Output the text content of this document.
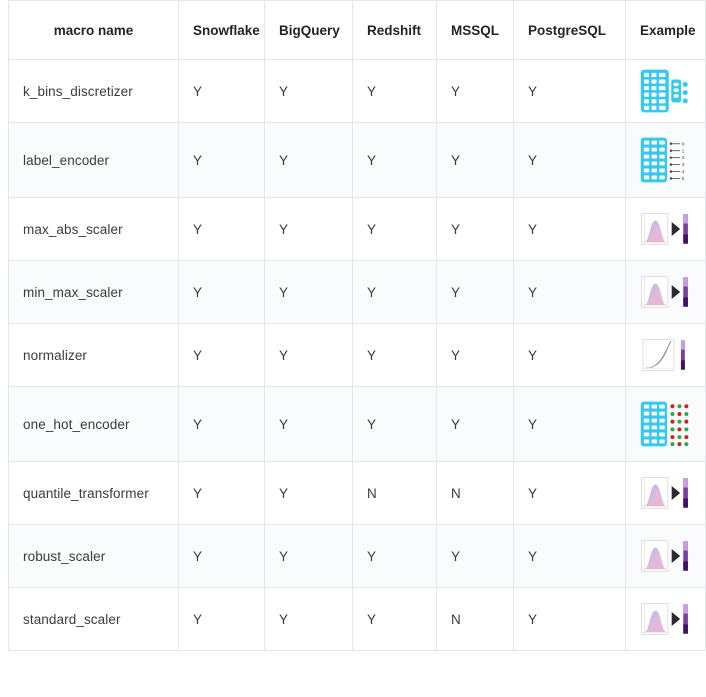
macro name	Snowflake	BigQuery	Redshift	MSSQL	PostgreSQL	Example
k_bins_discretizer	Y	Y	Y	Y	Y	

label_encoder	Y	Y	Y	Y	Y	
0
1
2
3
4
5

max_abs_scaler	Y	Y	Y	Y	Y	

min_max_scaler	Y	Y	Y	Y	Y	

normalizer	Y	Y	Y	Y	Y	

one_hot_encoder	Y	Y	Y	Y	Y	

quantile_transformer	Y	Y	N	N	Y	

robust_scaler	Y	Y	Y	Y	Y	

standard_scaler	Y	Y	Y	N	Y	
